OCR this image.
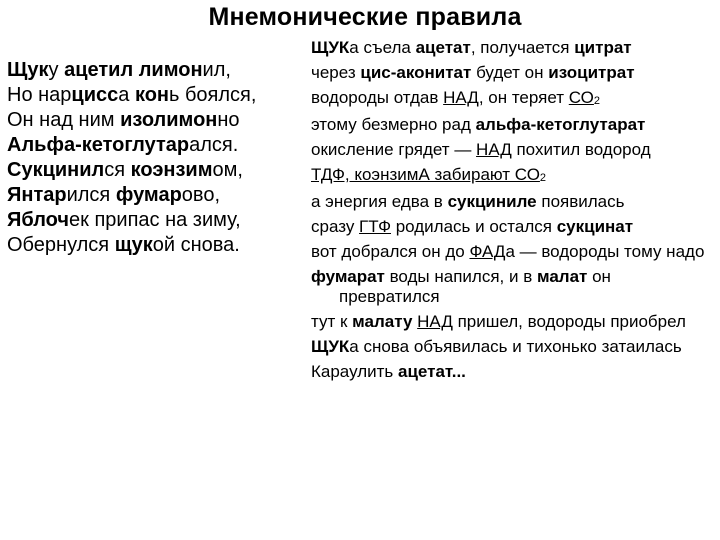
Мнемонические правила
Щуку ацетил лимонил,
Но нарцисса конь боялся,
Он над ним изолимонно
Альфа-кетоглутарался.
Сукцинился коэнзимом,
Янтарился фумарово,
Яблочек припас на зиму,
Обернулся щукой снова.
ЩУКа съела ацетат, получается цитрат
через цис-аконитат будет он изоцитрат
водороды отдав НАД, он теряет $СО_2$
этому безмерно рад альфа-кетоглутарат
окисление грядет — НАД похитил водород
ТДФ, коэнзимА забирают $СО_2$
а энергия едва в сукциниле появилась
сразу ГТФ родилась и остался сукцинат
вот добрался он до ФАДа — водороды тому надо
фумарат воды напился, и в малат он превратился
тут к малату НАД пришел, водороды приобрел
ЩУКа снова объявилась и тихонько затаилась
Караулить ацетат...
